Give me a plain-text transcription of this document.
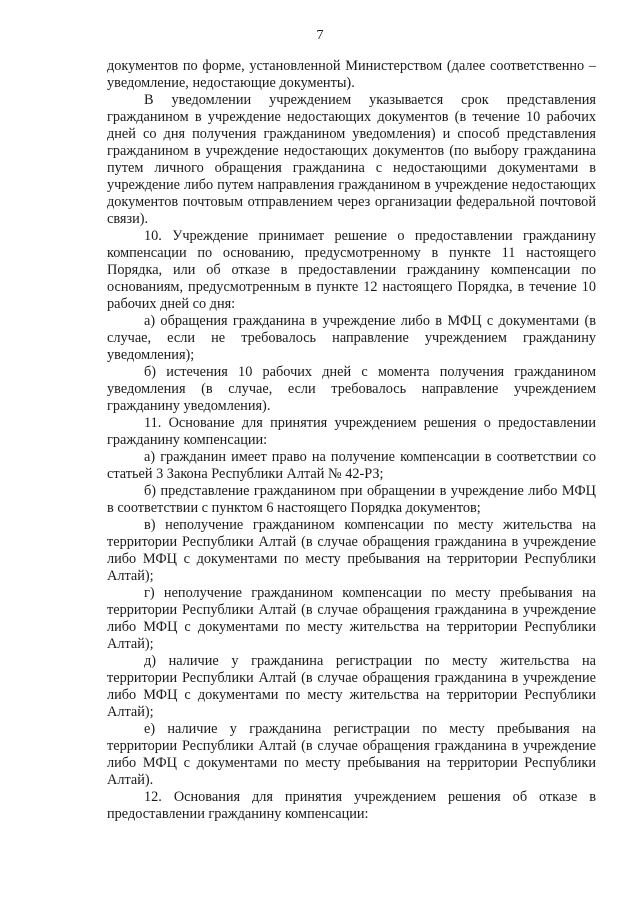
7

документов по форме, установленной Министерством (далее соответственно – уведомление, недостающие документы).

В уведомлении учреждением указывается срок представления гражданином в учреждение недостающих документов (в течение 10 рабочих дней со дня получения гражданином уведомления) и способ представления гражданином в учреждение недостающих документов (по выбору гражданина путем личного обращения гражданина с недостающими документами в учреждение либо путем направления гражданином в учреждение недостающих документов почтовым отправлением через организации федеральной почтовой связи).

10. Учреждение принимает решение о предоставлении гражданину компенсации по основанию, предусмотренному в пункте 11 настоящего Порядка, или об отказе в предоставлении гражданину компенсации по основаниям, предусмотренным в пункте 12 настоящего Порядка, в течение 10 рабочих дней со дня:

а) обращения гражданина в учреждение либо в МФЦ с документами (в случае, если не требовалось направление учреждением гражданину уведомления);

б) истечения 10 рабочих дней с момента получения гражданином уведомления (в случае, если требовалось направление учреждением гражданину уведомления).

11. Основание для принятия учреждением решения о предоставлении гражданину компенсации:

а) гражданин имеет право на получение компенсации в соответствии со статьей 3 Закона Республики Алтай № 42-РЗ;

б) представление гражданином при обращении в учреждение либо МФЦ в соответствии с пунктом 6 настоящего Порядка документов;

в) неполучение гражданином компенсации по месту жительства на территории Республики Алтай (в случае обращения гражданина в учреждение либо МФЦ с документами по месту пребывания на территории Республики Алтай);

г) неполучение гражданином компенсации по месту пребывания на территории Республики Алтай (в случае обращения гражданина в учреждение либо МФЦ с документами по месту жительства на территории Республики Алтай);

д) наличие у гражданина регистрации по месту жительства на территории Республики Алтай (в случае обращения гражданина в учреждение либо МФЦ с документами по месту жительства на территории Республики Алтай);

е) наличие у гражданина регистрации по месту пребывания на территории Республики Алтай (в случае обращения гражданина в учреждение либо МФЦ с документами по месту пребывания на территории Республики Алтай).

12. Основания для принятия учреждением решения об отказе в предоставлении гражданину компенсации:
